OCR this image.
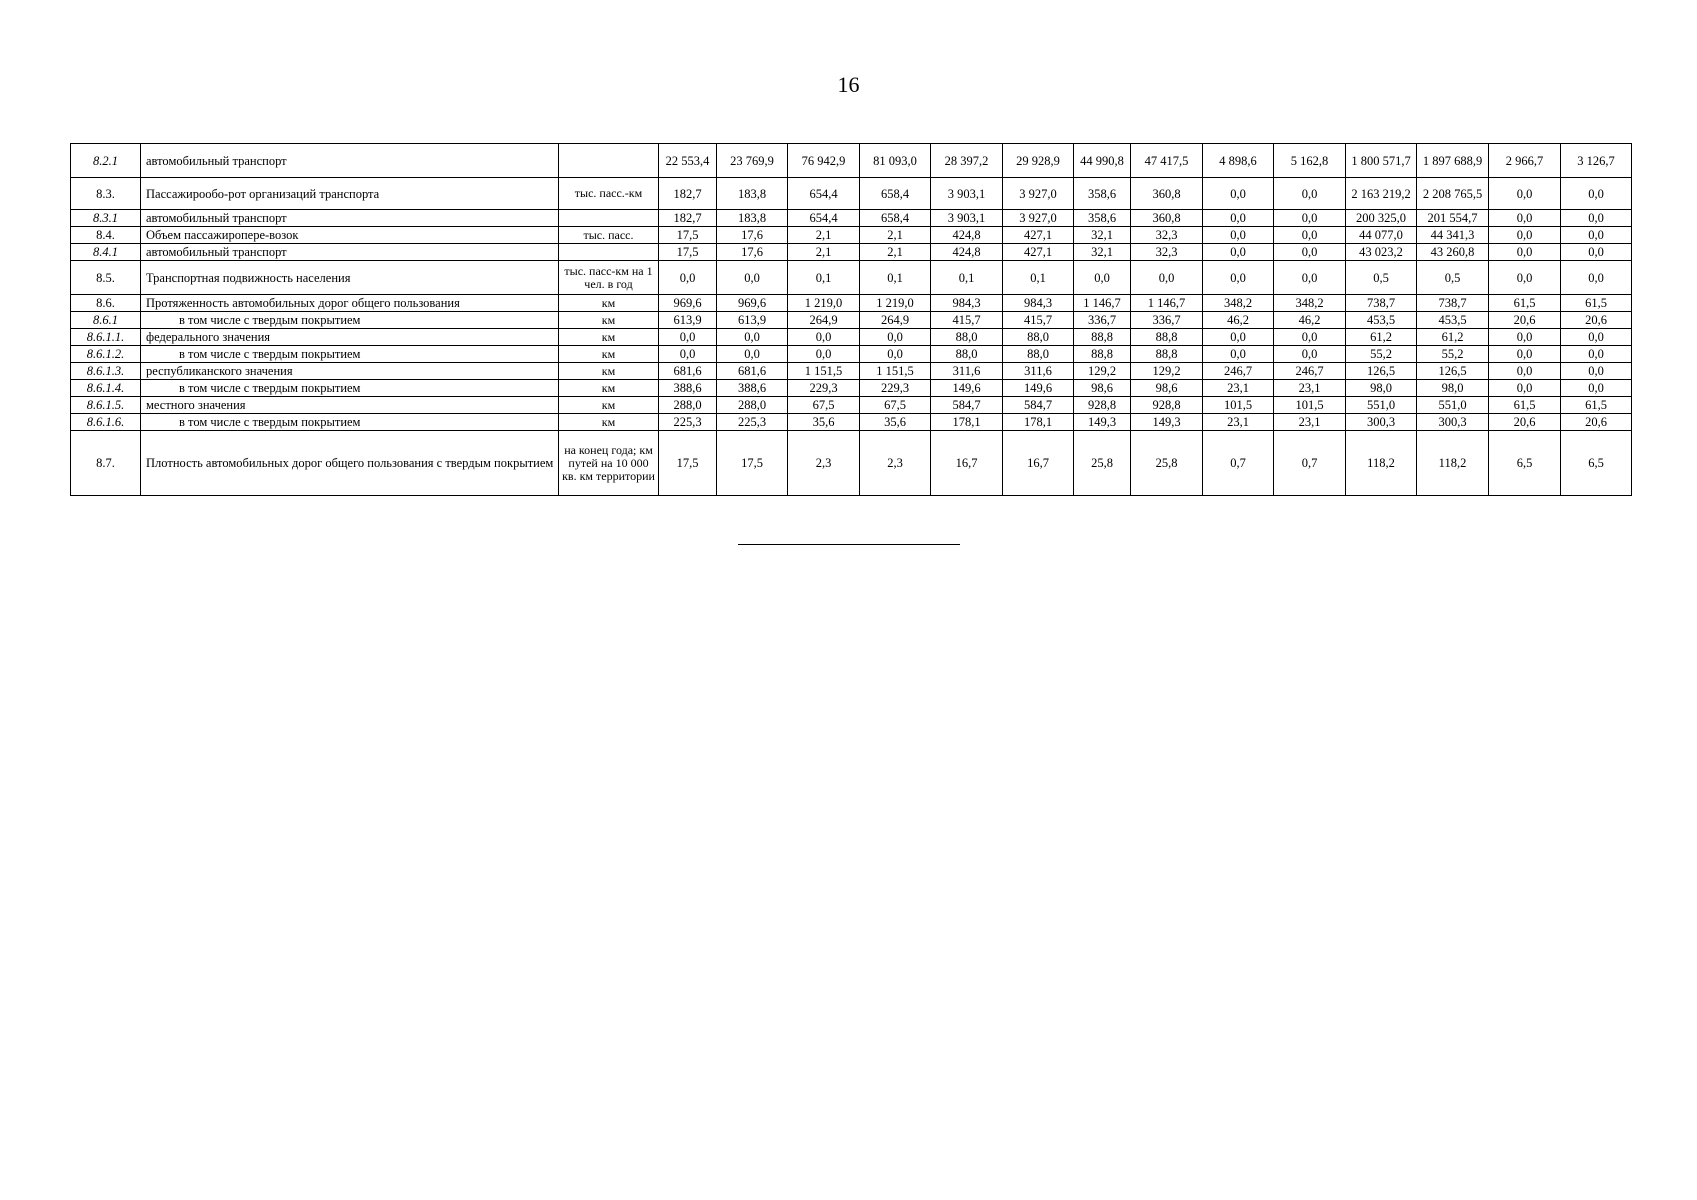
16
8.2.1	автомобильный транспорт		22 553,4	23 769,9	76 942,9	81 093,0	28 397,2	29 928,9	44 990,8	47 417,5	4 898,6	5 162,8	1 800 571,7	1 897 688,9	2 966,7	3 126,7
8.3.	Пассажирообо-рот организаций транспорта	тыс. пасс.-км	182,7	183,8	654,4	658,4	3 903,1	3 927,0	358,6	360,8	0,0	0,0	2 163 219,2	2 208 765,5	0,0	0,0
8.3.1	автомобильный транспорт		182,7	183,8	654,4	658,4	3 903,1	3 927,0	358,6	360,8	0,0	0,0	200 325,0	201 554,7	0,0	0,0
8.4.	Объем пассажиропере-возок	тыс. пасс.	17,5	17,6	2,1	2,1	424,8	427,1	32,1	32,3	0,0	0,0	44 077,0	44 341,3	0,0	0,0
8.4.1	автомобильный транспорт		17,5	17,6	2,1	2,1	424,8	427,1	32,1	32,3	0,0	0,0	43 023,2	43 260,8	0,0	0,0
8.5.	Транспортная подвижность населения	тыс. пасс-км на 1 чел. в год	0,0	0,0	0,1	0,1	0,1	0,1	0,0	0,0	0,0	0,0	0,5	0,5	0,0	0,0
8.6.	Протяженность автомобильных дорог общего пользования	км	969,6	969,6	1 219,0	1 219,0	984,3	984,3	1 146,7	1 146,7	348,2	348,2	738,7	738,7	61,5	61,5
8.6.1	в том числе с твердым покрытием	км	613,9	613,9	264,9	264,9	415,7	415,7	336,7	336,7	46,2	46,2	453,5	453,5	20,6	20,6
8.6.1.1.	федерального значения	км	0,0	0,0	0,0	0,0	88,0	88,0	88,8	88,8	0,0	0,0	61,2	61,2	0,0	0,0
8.6.1.2.	в том числе с твердым покрытием	км	0,0	0,0	0,0	0,0	88,0	88,0	88,8	88,8	0,0	0,0	55,2	55,2	0,0	0,0
8.6.1.3.	республиканского значения	км	681,6	681,6	1 151,5	1 151,5	311,6	311,6	129,2	129,2	246,7	246,7	126,5	126,5	0,0	0,0
8.6.1.4.	в том числе с твердым покрытием	км	388,6	388,6	229,3	229,3	149,6	149,6	98,6	98,6	23,1	23,1	98,0	98,0	0,0	0,0
8.6.1.5.	местного значения	км	288,0	288,0	67,5	67,5	584,7	584,7	928,8	928,8	101,5	101,5	551,0	551,0	61,5	61,5
8.6.1.6.	в том числе с твердым покрытием	км	225,3	225,3	35,6	35,6	178,1	178,1	149,3	149,3	23,1	23,1	300,3	300,3	20,6	20,6
8.7.	Плотность автомобильных дорог общего пользования с твердым покрытием	на конец года; км путей на 10 000 кв. км территории	17,5	17,5	2,3	2,3	16,7	16,7	25,8	25,8	0,7	0,7	118,2	118,2	6,5	6,5
